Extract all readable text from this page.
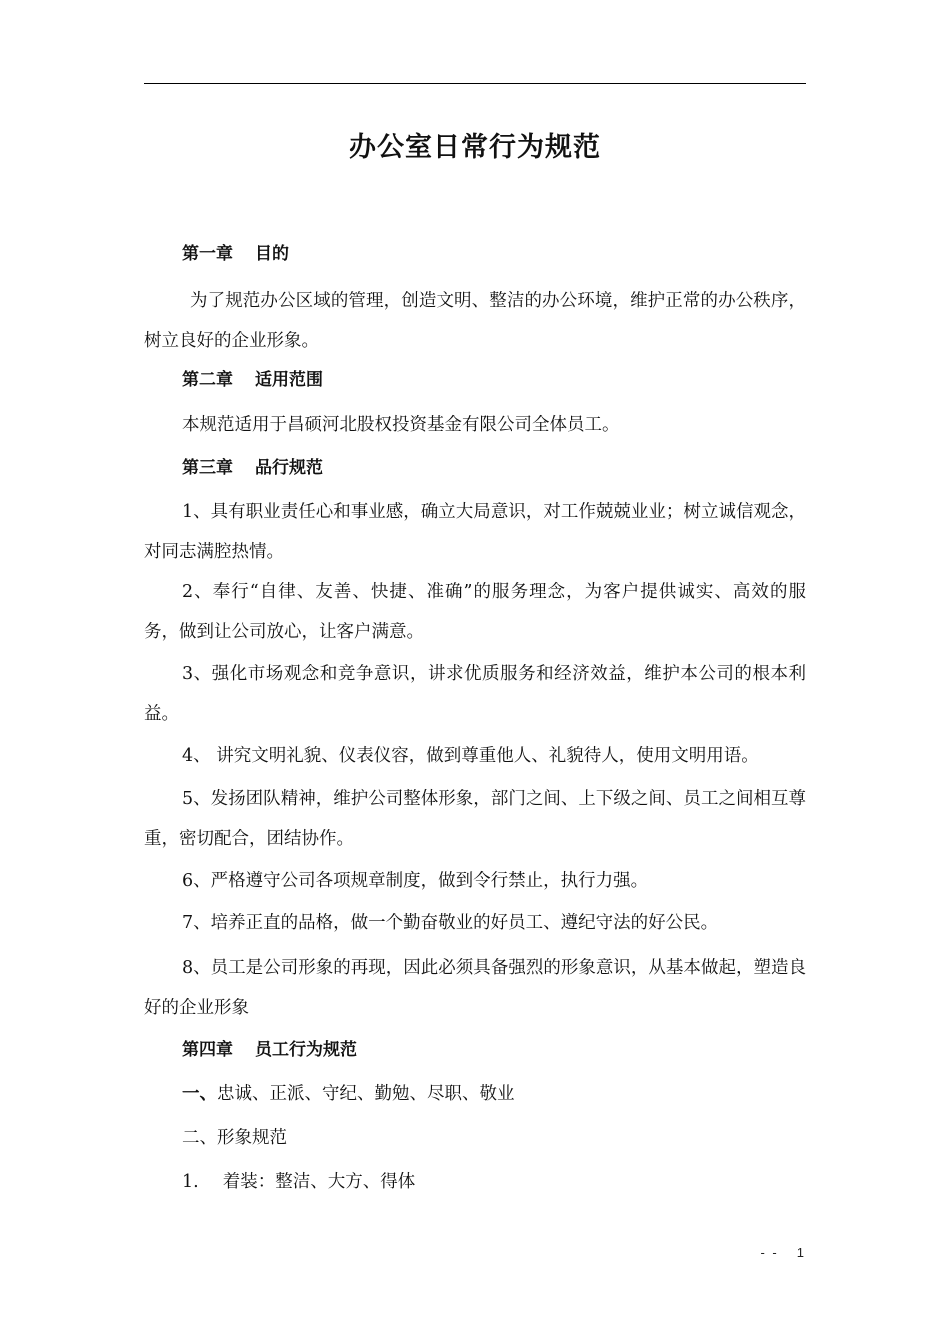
办公室日常行为规范

第一章 目的

为了规范办公区域的管理，创造文明、整洁的办公环境，维护正常的办公秩序，树立良好的企业形象。

第二章 适用范围

本规范适用于昌硕河北股权投资基金有限公司全体员工。

第三章 品行规范

1、具有职业责任心和事业感，确立大局意识，对工作兢兢业业；树立诚信观念，对同志满腔热情。

2、奉行“自律、友善、快捷、准确”的服务理念，为客户提供诚实、高效的服务，做到让公司放心，让客户满意。

3、强化市场观念和竞争意识，讲求优质服务和经济效益，维护本公司的根本利益。

4、 讲究文明礼貌、仪表仪容，做到尊重他人、礼貌待人，使用文明用语。

5、发扬团队精神，维护公司整体形象，部门之间、上下级之间、员工之间相互尊重，密切配合，团结协作。

6、严格遵守公司各项规章制度，做到令行禁止，执行力强。

7、培养正直的品格，做一个勤奋敬业的好员工、遵纪守法的好公民。

8、员工是公司形象的再现，因此必须具备强烈的形象意识，从基本做起，塑造良好的企业形象

第四章 员工行为规范

一、忠诚、正派、守纪、勤勉、尽职、敬业

二、形象规范

1. 着装：整洁、大方、得体

- - 1
